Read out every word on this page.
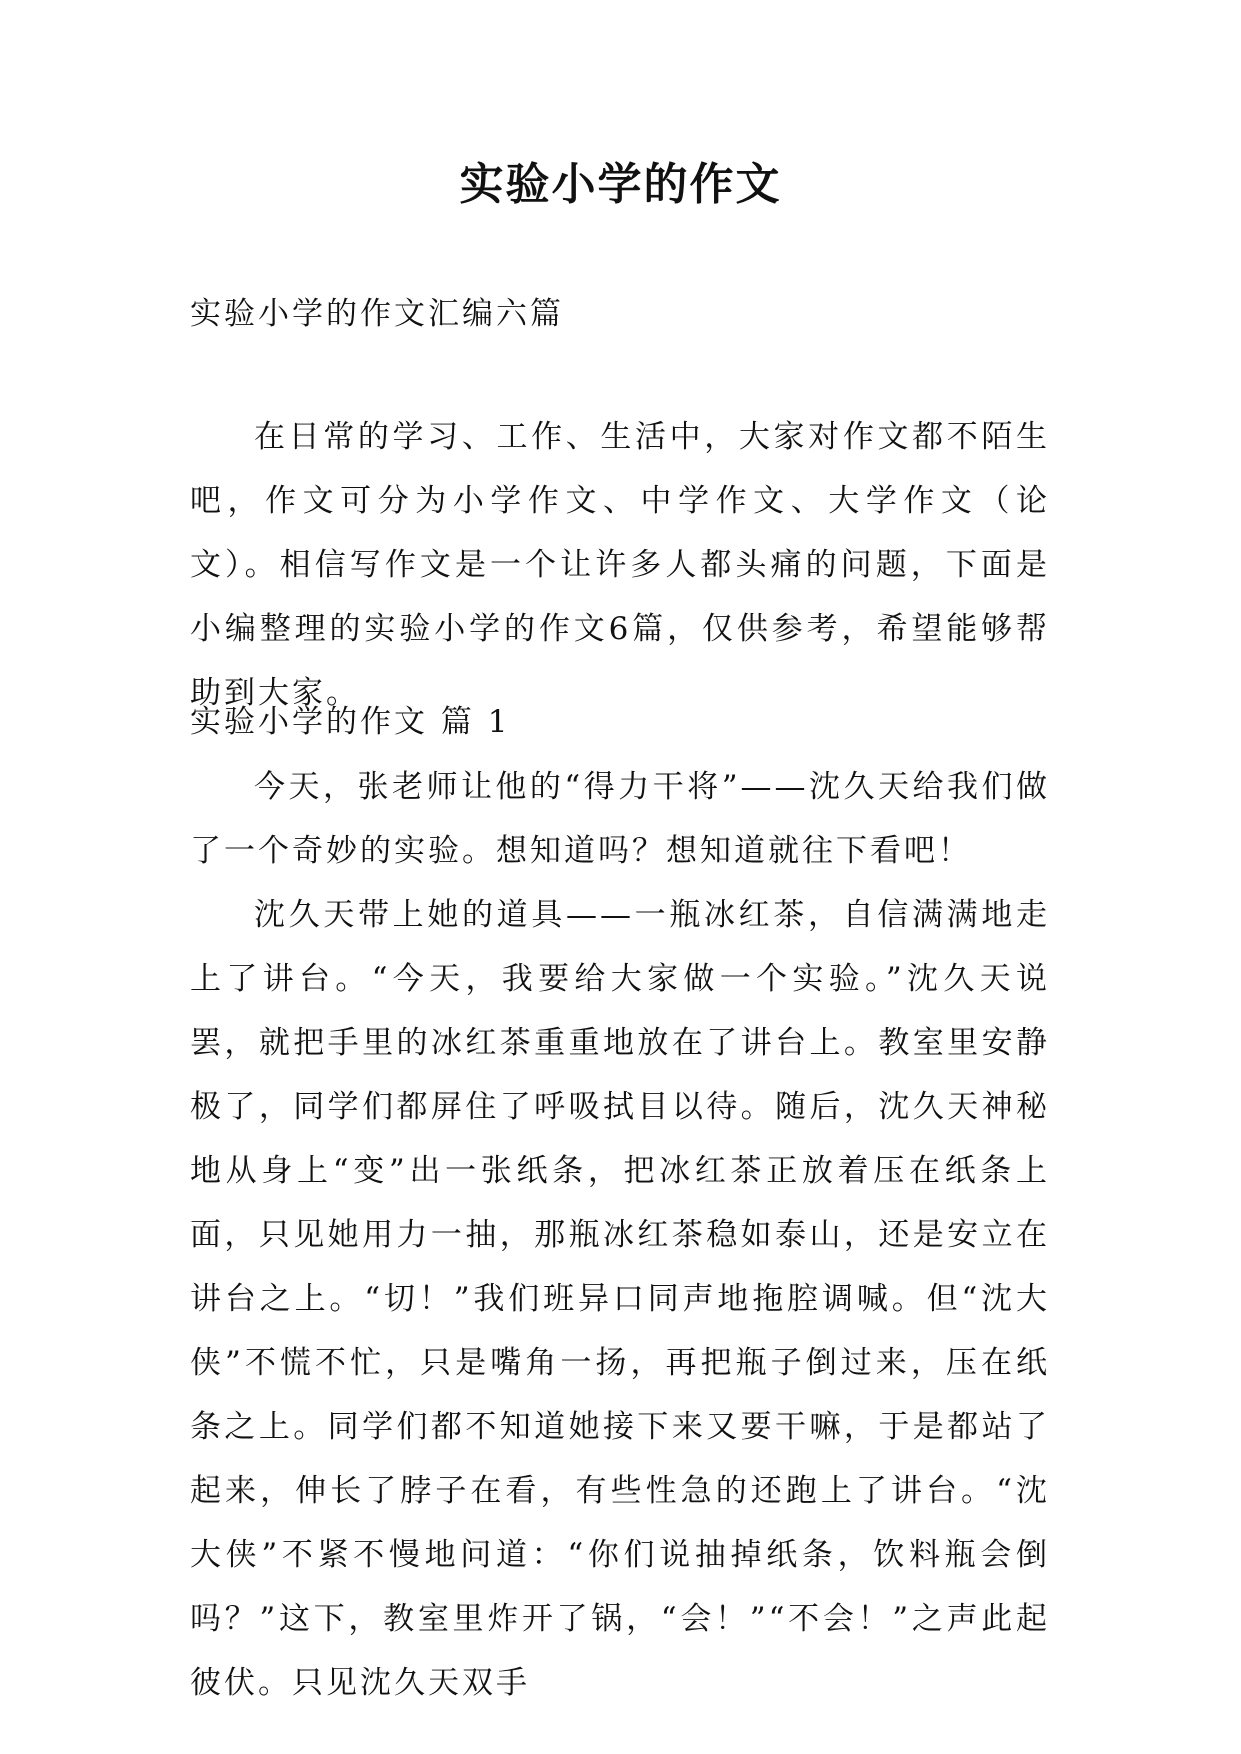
实验小学的作文

实验小学的作文汇编六篇

在日常的学习、工作、生活中，大家对作文都不陌生吧，作文可分为小学作文、中学作文、大学作文（论文）。相信写作文是一个让许多人都头痛的问题，下面是小编整理的实验小学的作文6篇，仅供参考，希望能够帮助到大家。

实验小学的作文 篇 1

今天，张老师让他的“得力干将”——沈久天给我们做了一个奇妙的实验。想知道吗？想知道就往下看吧！

沈久天带上她的道具——一瓶冰红茶，自信满满地走上了讲台。“今天，我要给大家做一个实验。”沈久天说罢，就把手里的冰红茶重重地放在了讲台上。教室里安静极了，同学们都屏住了呼吸拭目以待。随后，沈久天神秘地从身上“变”出一张纸条，把冰红茶正放着压在纸条上面，只见她用力一抽，那瓶冰红茶稳如泰山，还是安立在讲台之上。“切！”我们班异口同声地拖腔调喊。但“沈大侠”不慌不忙，只是嘴角一扬，再把瓶子倒过来，压在纸条之上。同学们都不知道她接下来又要干嘛，于是都站了起来，伸长了脖子在看，有些性急的还跑上了讲台。“沈大侠”不紧不慢地问道：“你们说抽掉纸条，饮料瓶会倒吗？”这下，教室里炸开了锅，“会！”“不会！”之声此起彼伏。只见沈久天双手
